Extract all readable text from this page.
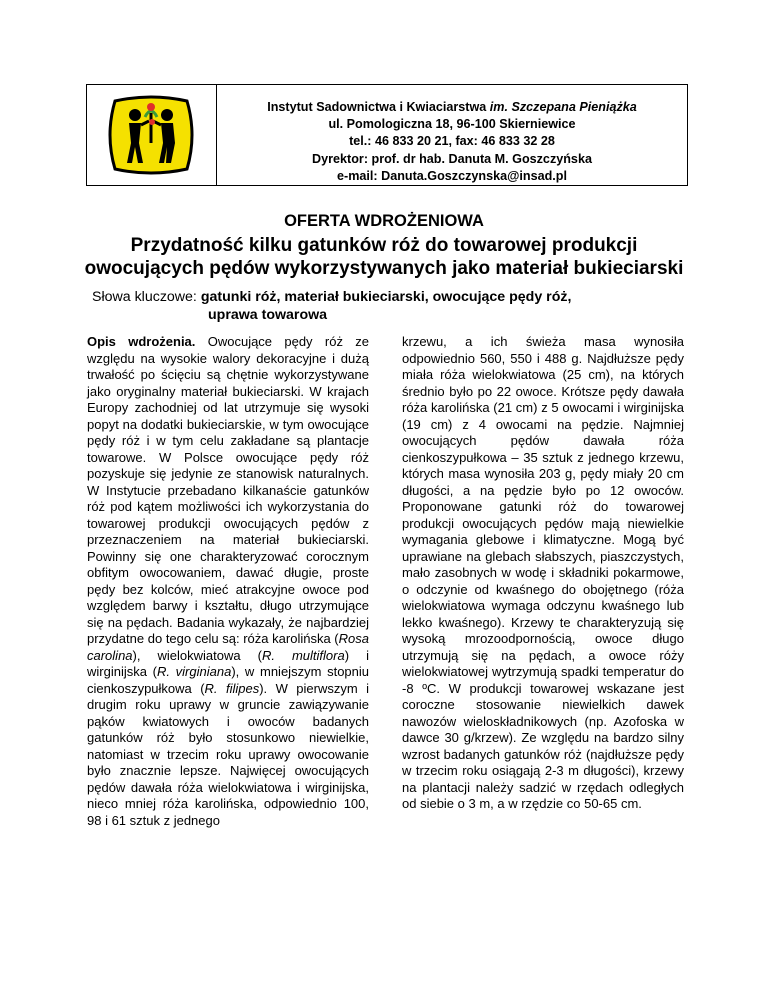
Instytut Sadownictwa i Kwiaciarstwa im. Szczepana Pieniążka
ul. Pomologiczna 18, 96-100 Skierniewice
tel.: 46 833 20 21, fax: 46 833 32 28
Dyrektor: prof. dr hab. Danuta M. Goszczyńska
e-mail: Danuta.Goszczynska@insad.pl
OFERTA WDROŻENIOWA
Przydatność kilku gatunków róż do towarowej produkcji
owocujących pędów wykorzystywanych jako materiał bukieciarski
Słowa kluczowe: gatunki róż, materiał bukieciarski, owocujące pędy róż,
uprawa towarowa

Opis wdrożenia. Owocujące pędy róż ze względu na wysokie walory dekoracyjne i dużą trwałość po ścięciu są chętnie wykorzystywane jako oryginalny materiał bukieciarski. W krajach Europy zachodniej od lat utrzymuje się wysoki popyt na dodatki bukieciarskie, w tym owocujące pędy róż i w tym celu zakładane są plantacje towarowe. W Polsce owocujące pędy róż pozyskuje się jedynie ze stanowisk naturalnych. W Instytucie przebadano kilkanaście gatunków róż pod kątem możliwości ich wykorzystania do towarowej produkcji owocujących pędów z przeznaczeniem na materiał bukieciarski. Powinny się one charakteryzować corocznym obfitym owocowaniem, dawać długie, proste pędy bez kolców, mieć atrakcyjne owoce pod względem barwy i kształtu, długo utrzymujące się na pędach. Badania wykazały, że najbardziej przydatne do tego celu są: róża karolińska (Rosa carolina), wielokwiatowa (R. multiflora) i wirginijska (R. virginiana), w mniejszym stopniu cienkoszypułkowa (R. filipes). W pierwszym i drugim roku uprawy w gruncie zawiązywanie pąków kwiatowych i owoców badanych gatunków róż było stosunkowo niewielkie, natomiast w trzecim roku uprawy owocowanie było znacznie lepsze. Najwięcej owocujących pędów dawała róża wielokwiatowa i wirginijska, nieco mniej róża karolińska, odpowiednio 100, 98 i 61 sztuk z jednego

krzewu, a ich świeża masa wynosiła odpowiednio 560, 550 i 488 g. Najdłuższe pędy miała róża wielokwiatowa (25 cm), na których średnio było po 22 owoce. Krótsze pędy dawała róża karolińska (21 cm) z 5 owocami i wirginijska (19 cm) z 4 owocami na pędzie. Najmniej owocujących pędów dawała róża cienkoszypułkowa – 35 sztuk z jednego krzewu, których masa wynosiła 203 g, pędy miały 20 cm długości, a na pędzie było po 12 owoców. Proponowane gatunki róż do towarowej produkcji owocujących pędów mają niewielkie wymagania glebowe i klimatyczne. Mogą być uprawiane na glebach słabszych, piaszczystych, mało zasobnych w wodę i składniki pokarmowe, o odczynie od kwaśnego do obojętnego (róża wielokwiatowa wymaga odczynu kwaśnego lub lekko kwaśnego). Krzewy te charakteryzują się wysoką mrozoodpornością, owoce długo utrzymują się na pędach, a owoce róży wielokwiatowej wytrzymują spadki temperatur do -8 ºC. W produkcji towarowej wskazane jest coroczne stosowanie niewielkich dawek nawozów wieloskładnikowych (np. Azofoska w dawce 30 g/krzew). Ze względu na bardzo silny wzrost badanych gatunków róż (najdłuższe pędy w trzecim roku osiągają 2-3 m długości), krzewy na plantacji należy sadzić w rzędach odległych od siebie o 3 m, a w rzędzie co 50-65 cm.
